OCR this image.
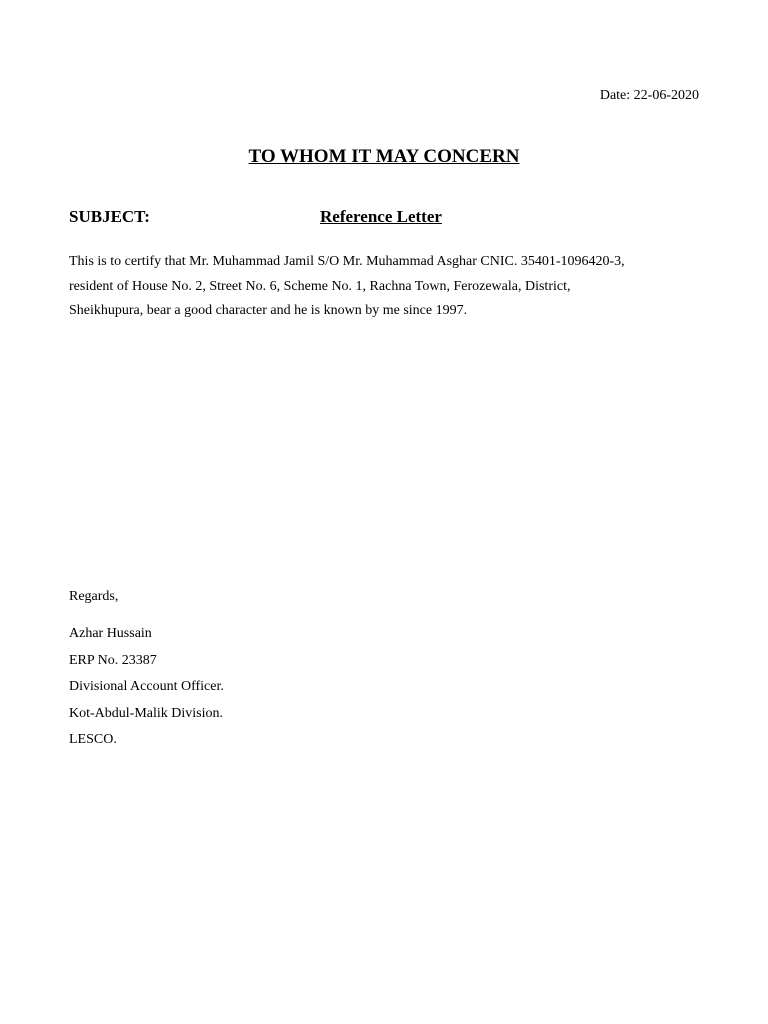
Date: 22-06-2020
TO WHOM IT MAY CONCERN
SUBJECT:	Reference Letter
This is to certify that Mr. Muhammad Jamil S/O Mr. Muhammad Asghar CNIC. 35401-1096420-3,
resident of House No. 2, Street No. 6, Scheme No. 1, Rachna Town, Ferozewala, District,
Sheikhupura, bear a good character and he is known by me since 1997.
Regards,
Azhar Hussain
ERP No. 23387
Divisional Account Officer.
Kot-Abdul-Malik Division.
LESCO.
